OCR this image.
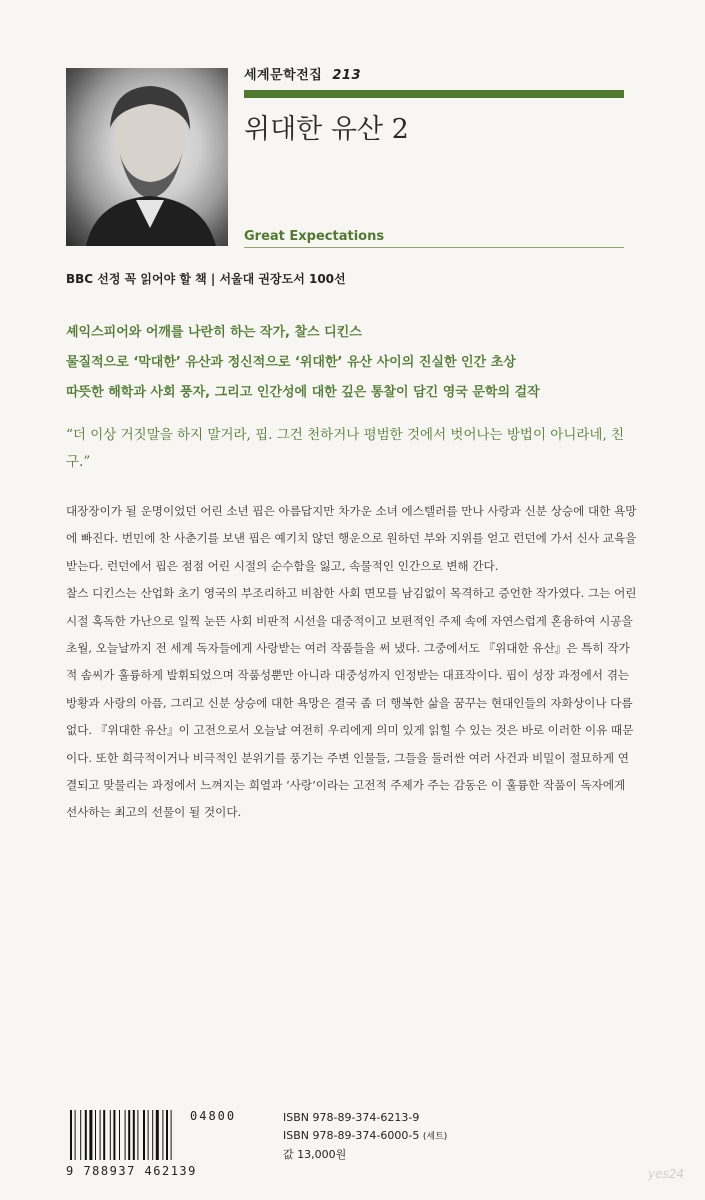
세계문학전집 213
위대한 유산 2
Great Expectations
BBC 선정 꼭 읽어야 할 책 | 서울대 권장도서 100선
셰익스피어와 어깨를 나란히 하는 작가, 찰스 디킨스
물질적으로 ‘막대한’ 유산과 정신적으로 ‘위대한’ 유산 사이의 진실한 인간 초상
따뜻한 해학과 사회 풍자, 그리고 인간성에 대한 깊은 통찰이 담긴 영국 문학의 걸작
“더 이상 거짓말을 하지 말거라, 핍. 그건 천하거나 평범한 것에서 벗어나는 방법이 아니라네, 친구.”

대장장이가 될 운명이었던 어린 소년 핍은 아름답지만 차가운 소녀 에스텔러를 만나 사랑과 신분 상승에 대한 욕망에 빠진다. 번민에 찬 사춘기를 보낸 핍은 예기치 않던 행운으로 원하던 부와 지위를 얻고 런던에 가서 신사 교육을 받는다. 런던에서 핍은 점점 어린 시절의 순수함을 잃고, 속물적인 인간으로 변해 간다.

찰스 디킨스는 산업화 초기 영국의 부조리하고 비참한 사회 면모를 남김없이 목격하고 증언한 작가였다. 그는 어린 시절 혹독한 가난으로 일찍 눈뜬 사회 비판적 시선을 대중적이고 보편적인 주제 속에 자연스럽게 혼융하여 시공을 초월, 오늘날까지 전 세계 독자들에게 사랑받는 여러 작품들을 써 냈다. 그중에서도 『위대한 유산』은 특히 작가적 솜씨가 훌륭하게 발휘되었으며 작품성뿐만 아니라 대중성까지 인정받는 대표작이다. 핍이 성장 과정에서 겪는 방황과 사랑의 아픔, 그리고 신분 상승에 대한 욕망은 결국 좀 더 행복한 삶을 꿈꾸는 현대인들의 자화상이나 다름없다. 『위대한 유산』이 고전으로서 오늘날 여전히 우리에게 의미 있게 읽힐 수 있는 것은 바로 이러한 이유 때문이다. 또한 희극적이거나 비극적인 분위기를 풍기는 주변 인물들, 그들을 둘러싼 여러 사건과 비밀이 절묘하게 연결되고 맞물리는 과정에서 느껴지는 희열과 ‘사랑’이라는 고전적 주제가 주는 감동은 이 훌륭한 작품이 독자에게 선사하는 최고의 선물이 될 것이다.

04800
9 788937 462139
ISBN 978-89-374-6213-9
ISBN 978-89-374-6000-5 (세트)
값 13,000원
yes24
